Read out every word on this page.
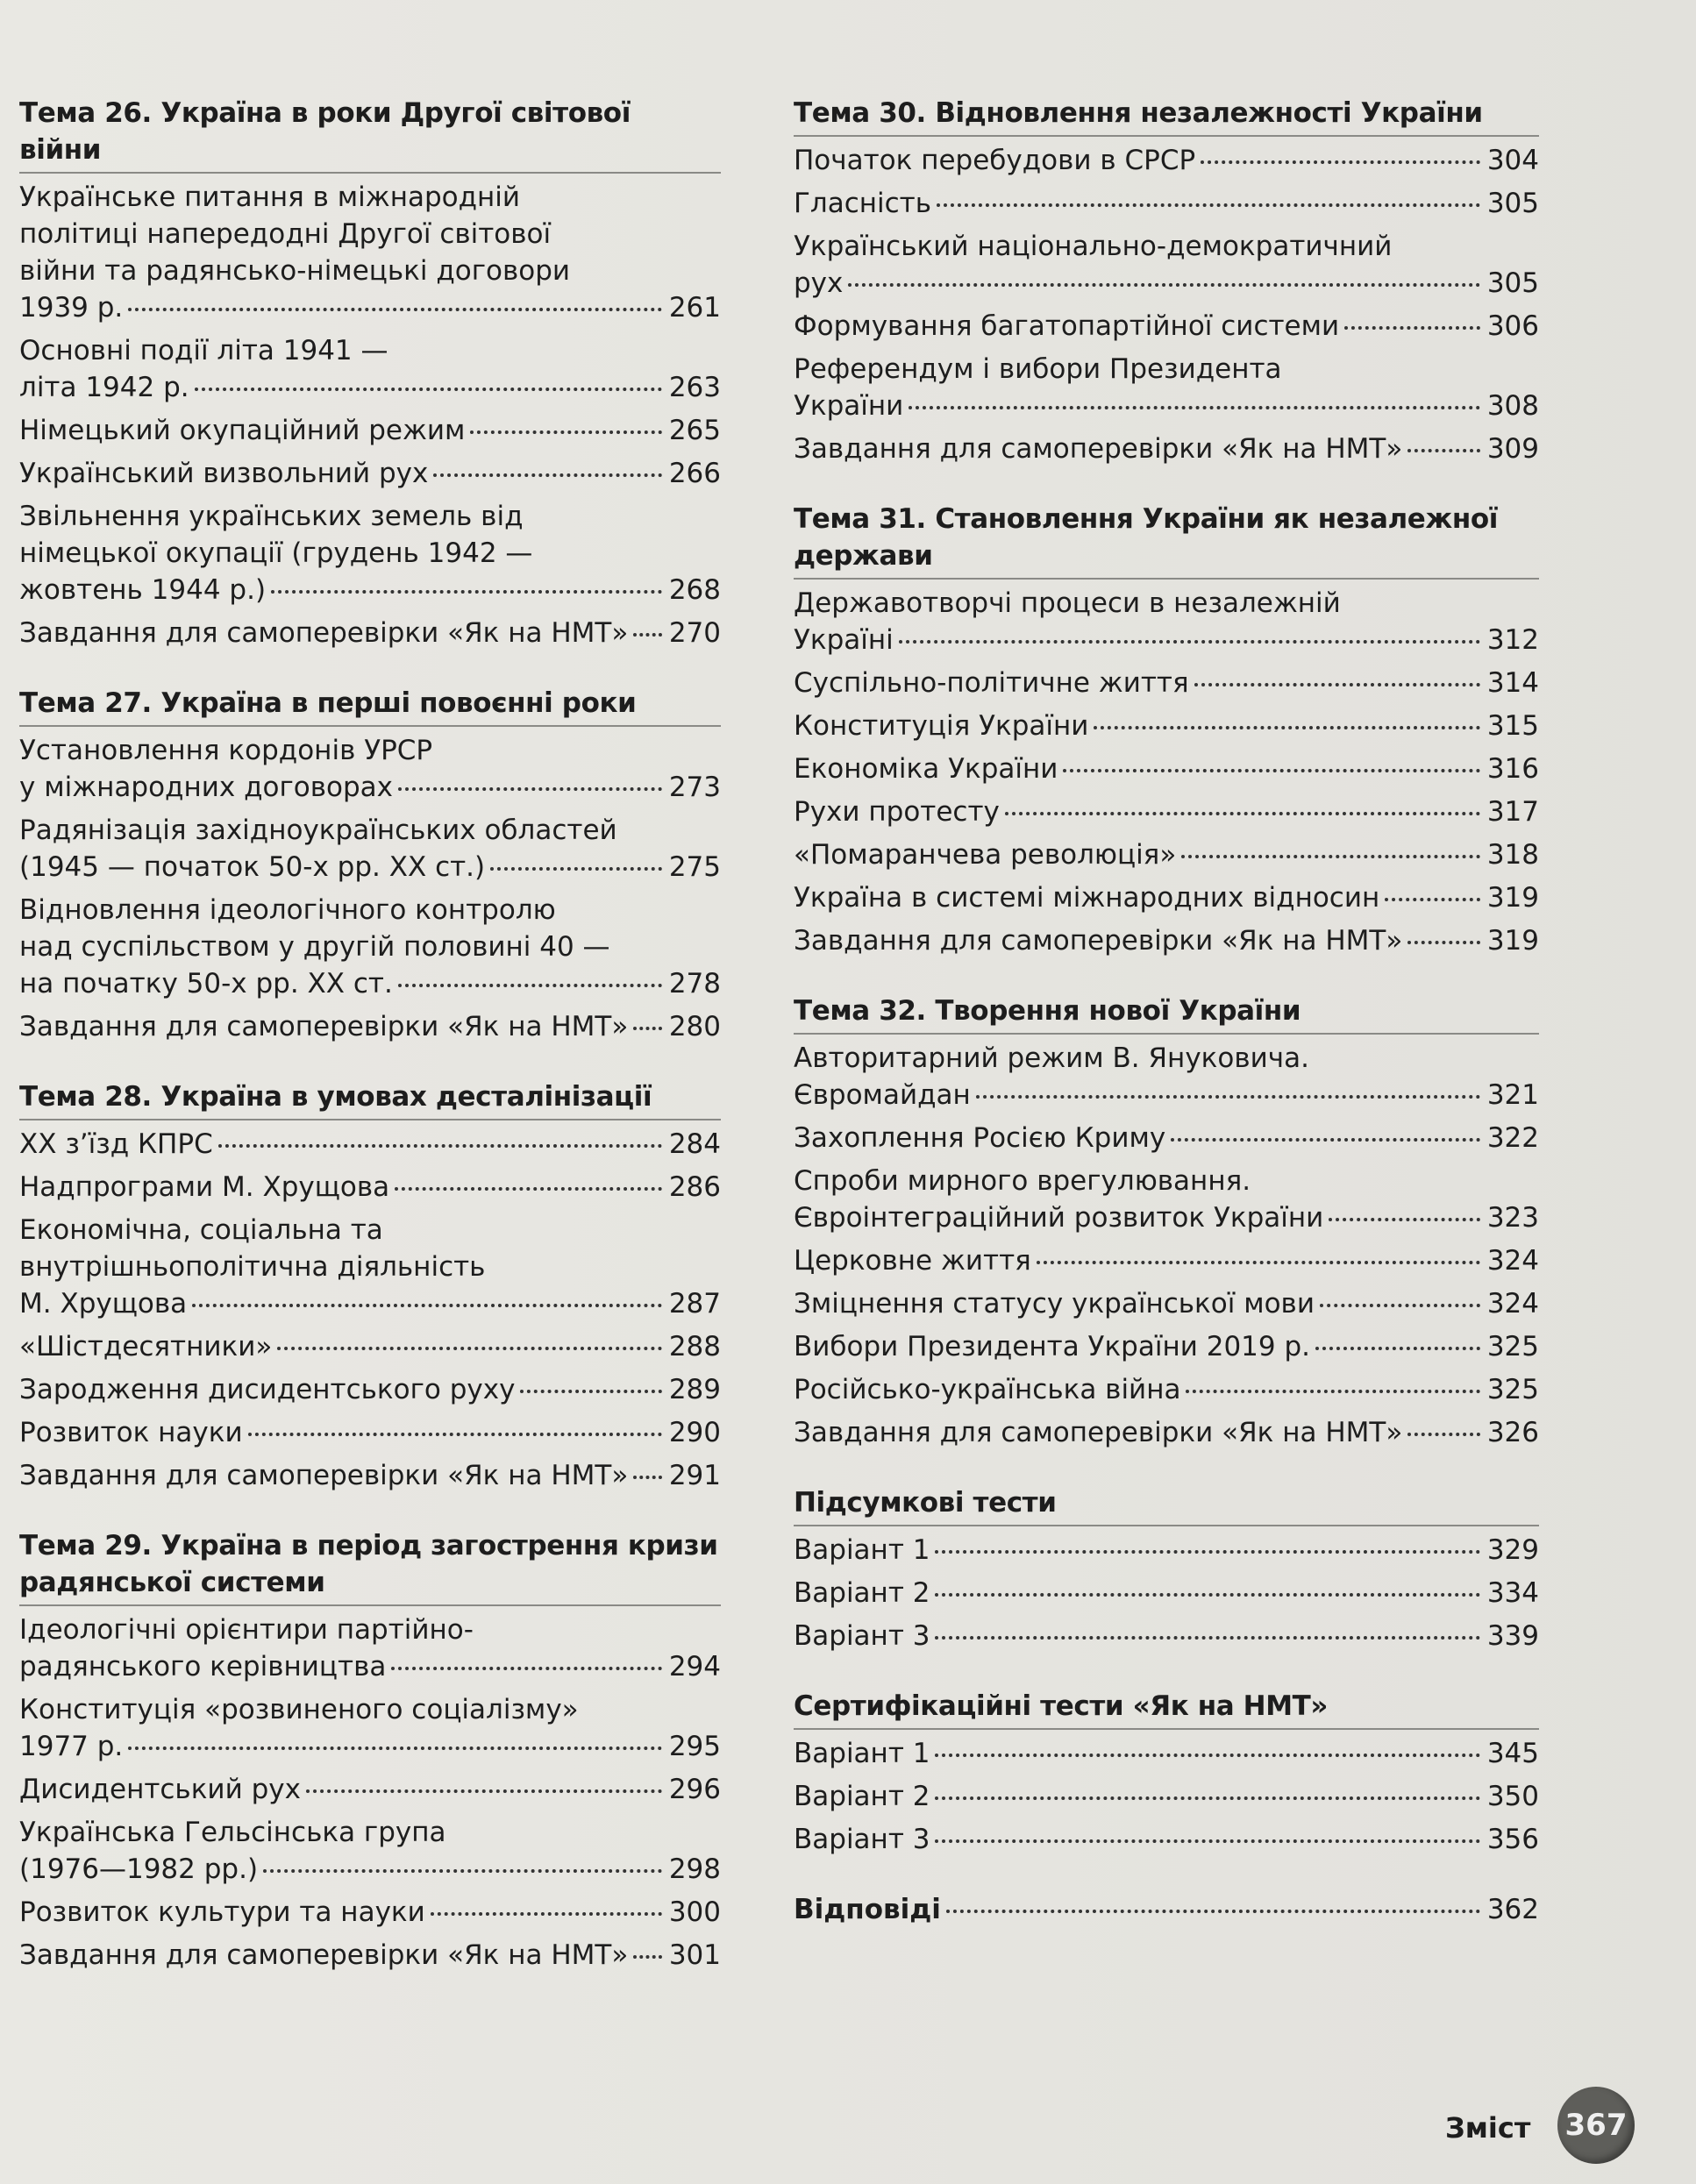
Тема 26. Україна в роки Другої світової війни
Українське питання в міжнародній
політиці напередодні Другої світової
війни та радянсько-німецькі договори
1939 р.	261
Основні події літа 1941 —
літа 1942 р.	263
Німецький окупаційний режим	265
Український визвольний рух	266
Звільнення українських земель від
німецької окупації (грудень 1942 —
жовтень 1944 р.)	268
Завдання для самоперевірки «Як на НМТ» 270
Тема 27. Україна в перші повоєнні роки
Установлення кордонів УРСР
у міжнародних договорах	273
Радянізація західноукраїнських областей
(1945 — початок 50-х рр. ХХ ст.)	275
Відновлення ідеологічного контролю
над суспільством у другій половині 40 —
на початку 50-х рр. ХХ ст.	278
Завдання для самоперевірки «Як на НМТ» 280
Тема 28. Україна в умовах десталінізації
ХХ з’їзд КПРС	284
Надпрограми М. Хрущова	286
Економічна, соціальна та
внутрішньополітична діяльність
М. Хрущова	287
«Шістдесятники»	288
Зародження дисидентського руху	289
Розвиток науки	290
Завдання для самоперевірки «Як на НМТ» 291
Тема 29. Україна в період загострення кризи радянської системи
Ідеологічні орієнтири партійно-
радянського керівництва	294
Конституція «розвиненого соціалізму»
1977 р.	295
Дисидентський рух	296
Українська Гельсінська група
(1976—1982 рр.)	298
Розвиток культури та науки	300
Завдання для самоперевірки «Як на НМТ» 301
Тема 30. Відновлення незалежності України
Початок перебудови в СРСР	304
Гласність	305
Український національно-демократичний
рух	305
Формування багатопартійної системи	306
Референдум і вибори Президента
України	308
Завдання для самоперевірки «Як на НМТ»	309
Тема 31. Становлення України як незалежної держави
Державотворчі процеси в незалежній
Україні	312
Суспільно-політичне життя	314
Конституція України	315
Економіка України	316
Рухи протесту	317
«Помаранчева революція»	318
Україна в системі міжнародних відносин	319
Завдання для самоперевірки «Як на НМТ»	319
Тема 32. Творення нової України
Авторитарний режим В. Януковича.
Євромайдан	321
Захоплення Росією Криму	322
Спроби мирного врегулювання.
Євроінтеграційний розвиток України	323
Церковне життя	324
Зміцнення статусу української мови	324
Вибори Президента України 2019 р.	325
Російсько-українська війна	325
Завдання для самоперевірки «Як на НМТ»	326
Підсумкові тести
Варіант 1	329
Варіант 2	334
Варіант 3	339
Сертифікаційні тести «Як на НМТ»
Варіант 1	345
Варіант 2	350
Варіант 3	356
Відповіді	362
Зміст 367
